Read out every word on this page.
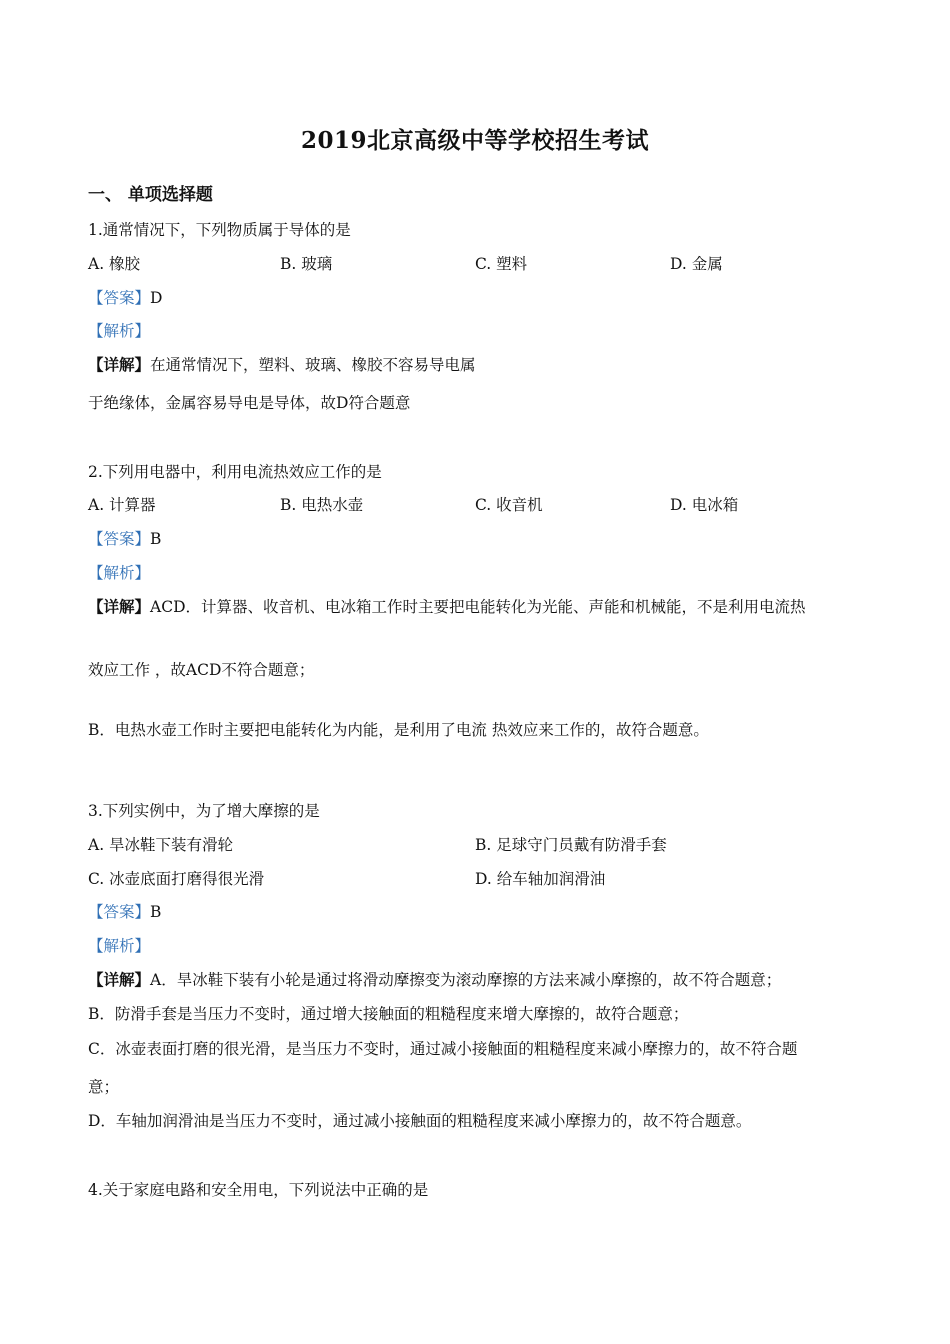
2019北京高级中等学校招生考试
一、 单项选择题
1.通常情况下，下列物质属于导体的是
A. 橡胶	B. 玻璃	C. 塑料	D. 金属
【答案】D
【解析】
【详解】在通常情况下，塑料、玻璃、橡胶不容易导电属
于绝缘体，金属容易导电是导体，故D符合题意
2.下列用电器中，利用电流热效应工作的是
A. 计算器	B. 电热水壶	C. 收音机	D. 电冰箱
【答案】B
【解析】
【详解】ACD．计算器、收音机、电冰箱工作时主要把电能转化为光能、声能和机械能，不是利用电流热
效应工作 ，故ACD不符合题意；
B．电热水壶工作时主要把电能转化为内能，是利用了电流 热效应来工作的，故符合题意。
3.下列实例中，为了增大摩擦的是
A. 旱冰鞋下装有滑轮	B. 足球守门员戴有防滑手套
C. 冰壶底面打磨得很光滑	D. 给车轴加润滑油
【答案】B
【解析】
【详解】A．旱冰鞋下装有小轮是通过将滑动摩擦变为滚动摩擦的方法来减小摩擦的，故不符合题意；
B．防滑手套是当压力不变时，通过增大接触面的粗糙程度来增大摩擦的，故符合题意；
C．冰壶表面打磨的很光滑，是当压力不变时，通过减小接触面的粗糙程度来减小摩擦力的，故不符合题
意；
D．车轴加润滑油是当压力不变时，通过减小接触面的粗糙程度来减小摩擦力的，故不符合题意。
4.关于家庭电路和安全用电，下列说法中正确的是
